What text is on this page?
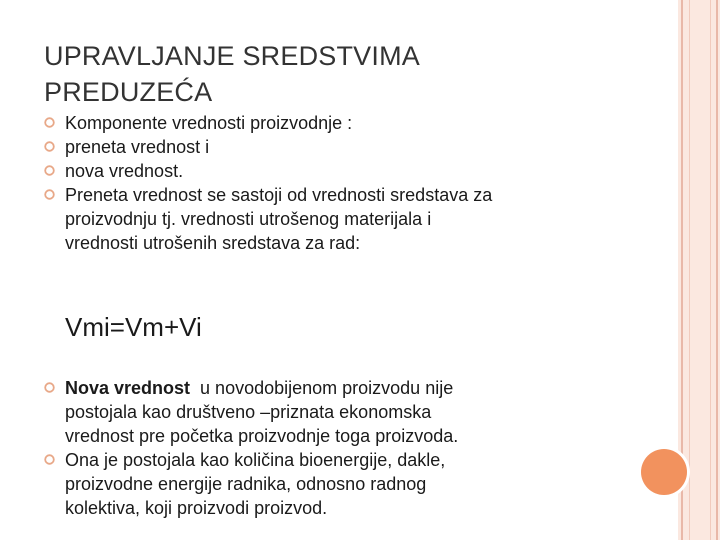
UPRAVLJANJE SREDSTVIMA
PREDUZEĆA
Komponente vrednosti proizvodnje :
preneta vrednost i
nova vrednost.
Preneta vrednost se sastoji od vrednosti sredstava za
proizvodnju tj. vrednosti utrošenog materijala i
vrednosti utrošenih sredstava za rad:
Vmi=Vm+Vi
Nova vrednost  u novodobijenom proizvodu nije
postojala kao društveno –priznata ekonomska
vrednost pre početka proizvodnje toga proizvoda.
Ona je postojala kao količina bioenergije, dakle,
proizvodne energije radnika, odnosno radnog
kolektiva, koji proizvodi proizvod.
